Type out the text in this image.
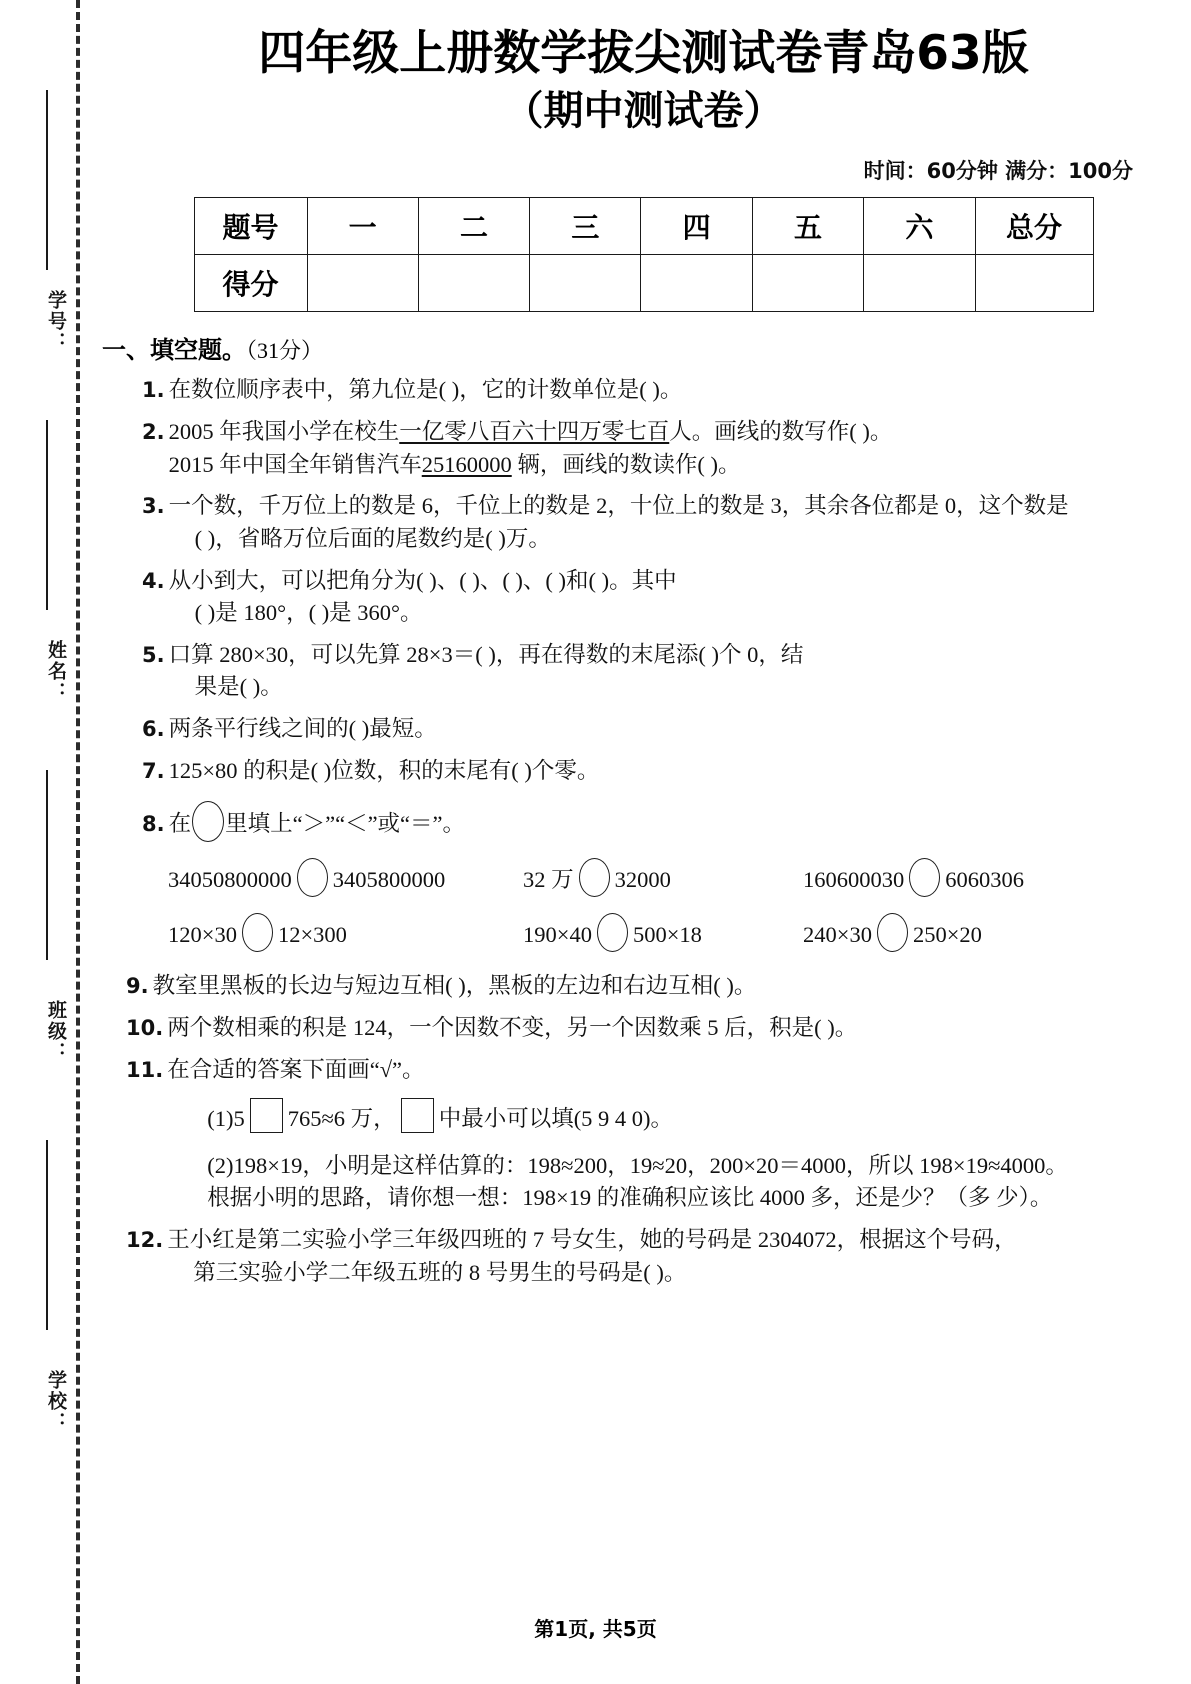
学号：
姓名：
班级：
学校：
四年级上册数学拔尖测试卷青岛63版
（期中测试卷）
时间：60分钟 满分：100分
题号	一	二	三	四	五	六	总分
得分							
一、填空题。（31分）
1. 在数位顺序表中，第九位是( )，它的计数单位是( )。
2. 2005 年我国小学在校生一亿零八百六十四万零七百人。画线的数写作( )。
2015 年中国全年销售汽车25160000 辆，画线的数读作( )。
3. 一个数，千万位上的数是 6，千位上的数是 2，十位上的数是 3，其余各位都是 0，这个数是
( )，省略万位后面的尾数约是( )万。
4. 从小到大，可以把角分为( )、( )、( )、( )和( )。其中
( )是 180°，( )是 360°。
5. 口算 280×30，可以先算 28×3＝( )，再在得数的末尾添( )个 0，结
果是( )。
6. 两条平行线之间的( )最短。
7. 125×80 的积是( )位数，积的末尾有( )个零。
8. 在 里填上“＞”“＜”或“＝”。
34050800000 3405800000	32 万 32000	160600030 6060306
120×30 12×300	190×40 500×18	240×30 250×20
9. 教室里黑板的长边与短边互相( )，黑板的左边和右边互相( )。
10. 两个数相乘的积是 124，一个因数不变，另一个因数乘 5 后，积是( )。
11. 在合适的答案下面画“√”。
(1)5 765≈6 万， 中最小可以填(5 9 4 0)。
(2)198×19，小明是这样估算的：198≈200，19≈20，200×20＝4000，所以 198×19≈4000。
根据小明的思路，请你想一想：198×19 的准确积应该比 4000 多，还是少？（多 少）。
12. 王小红是第二实验小学三年级四班的 7 号女生，她的号码是 2304072，根据这个号码，
第三实验小学二年级五班的 8 号男生的号码是( )。
第1页, 共5页
